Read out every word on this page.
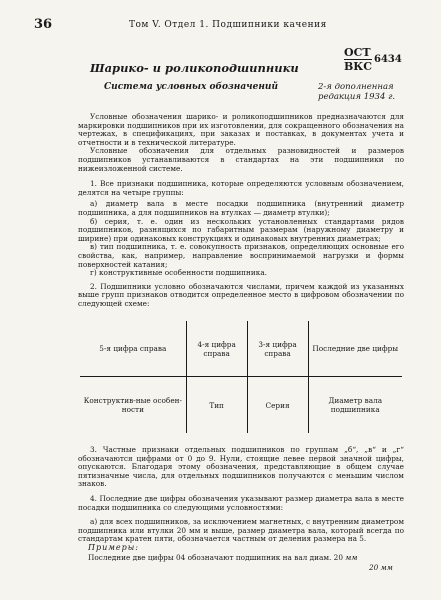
36	Том V. Отдел 1. Подшипники качения
ОСТ
ВКС
6434
Шарико- и роликоподшипники
Система условных обозначений	2-я дополненная
редакция 1934 г.

Условные обозначения шарико- и роликоподшипников предназначаются для маркировки подшипников при их изготовлении, для сокращенного обозначения на чертежах, в спецификациях, при заказах и поставках, в документах учета и отчетности и в технической литературе.

Условные обозначения для отдельных разновидностей и размеров подшипников устанавливаются в стандартах на эти подшипники по нижеизложенной системе.

1. Все признаки подшипника, которые определяются условным обозначением, делятся на четыре группы:

а) диаметр вала в месте посадки подшипника (внутренний диаметр подшипника, а для подшипников на втулках — диаметр втулки);

б) серия, т. е. один из нескольких установленных стандартами рядов подшипников, разнящихся по габаритным размерам (наружному диаметру и ширине) при одинаковых конструкциях и одинаковых внутренних диаметрах;

в) тип подшипника, т. е. совокупность признаков, определяющих основные его свойства, как, например, направление воспринимаемой нагрузки и формы поверхностей катания;

г) конструктивные особенности подшипника.

2. Подшипники условно обозначаются числами, причем каждой из указанных выше групп признаков отводится определенное место в цифровом обозначении по следующей схеме:

5-я цифра справа	4-я цифра справа	3-я цифра справа	Последние две цифры
Конструктив-ные особен-ности	Тип	Серия	Диаметр вала подшипника

3. Частные признаки отдельных подшипников по группам „б“, „в“ и „г“ обозначаются цифрами от 0 до 9. Нули, стоящие левее первой значной цифры, опускаются. Благодаря этому обозначения, представляющие в общем случае пятизначные числа, для отдельных подшипников получаются с меньшим числом знаков.

4. Последние две цифры обозначения указывают размер диаметра вала в месте посадки подшипника со следующими условностями:

а) для всех подшипников, за исключением магнетных, с внутренним диаметром подшипника или втулки 20 мм и выше, размер диаметра вала, который всегда по стандартам кратен пяти, обозначается частным от деления размера на 5.

Примеры:
Последние две цифры 04 обозначают подшипник на вал диам. 20 мм
20 мм
